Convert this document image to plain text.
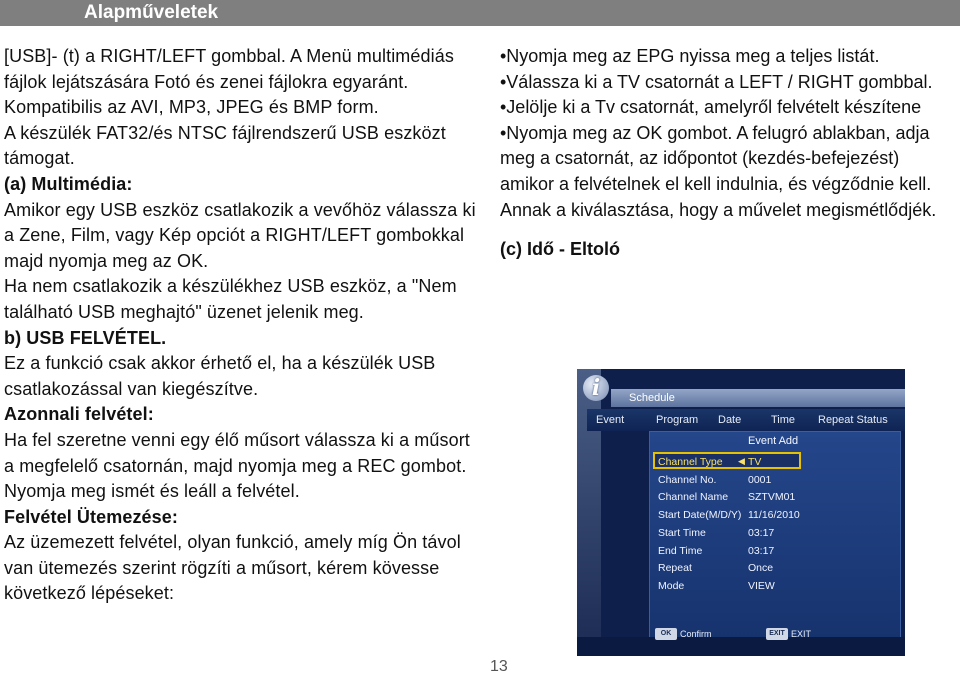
Alapműveletek

[USB]- (t) a RIGHT/LEFT gombbal. A Menü multimédiás fájlok lejátszására Fotó és zenei fájlokra egyaránt. Kompatibilis az AVI, MP3, JPEG és BMP form.

A készülék FAT32/és NTSC fájlrendszerű USB eszközt támogat.

(a) Multimédia:

Amikor egy USB eszköz csatlakozik a vevőhöz válassza ki a Zene, Film, vagy Kép opciót a RIGHT/LEFT gombokkal majd nyomja meg az OK.

Ha nem csatlakozik a készülékhez USB eszköz, a "Nem található USB meghajtó" üzenet jelenik meg.

b) USB FELVÉTEL.

Ez a funkció csak akkor érhető el, ha a készülék USB csatlakozással van kiegészítve.

Azonnali felvétel:

Ha fel szeretne venni egy élő műsort válassza ki a műsort a megfelelő csatornán, majd nyomja meg a REC gombot. Nyomja meg ismét és leáll a felvétel.

Felvétel Ütemezése:

Az üzemezett felvétel, olyan funkció, amely míg Ön távol van ütemezés szerint rögzíti a műsort, kérem kövesse következő lépéseket:

•Nyomja meg az EPG nyissa meg a teljes listát.

•Válassza ki a TV csatornát a LEFT / RIGHT gombbal.

•Jelölje ki a Tv csatornát, amelyről felvételt készítene

•Nyomja meg az OK gombot. A felugró ablakban, adja meg a csatornát, az időpontot (kezdés-befejezést) amikor a felvételnek el kell indulnia, és végződnie kell.

Annak a kiválasztása, hogy a művelet megismétlődjék.

(c) Idő - Eltoló

i	Schedule
Event	Program Date	Time Repeat Status
Event Add
Channel Type ◀ TV
Channel No.	0001
Channel Name SZTVM01
Start Date(M/D/Y) 11/16/2010
Start Time	03:17
End Time	03:17
Repeat	Once
Mode	VIEW
OK Confirm	EXIT EXIT
13
